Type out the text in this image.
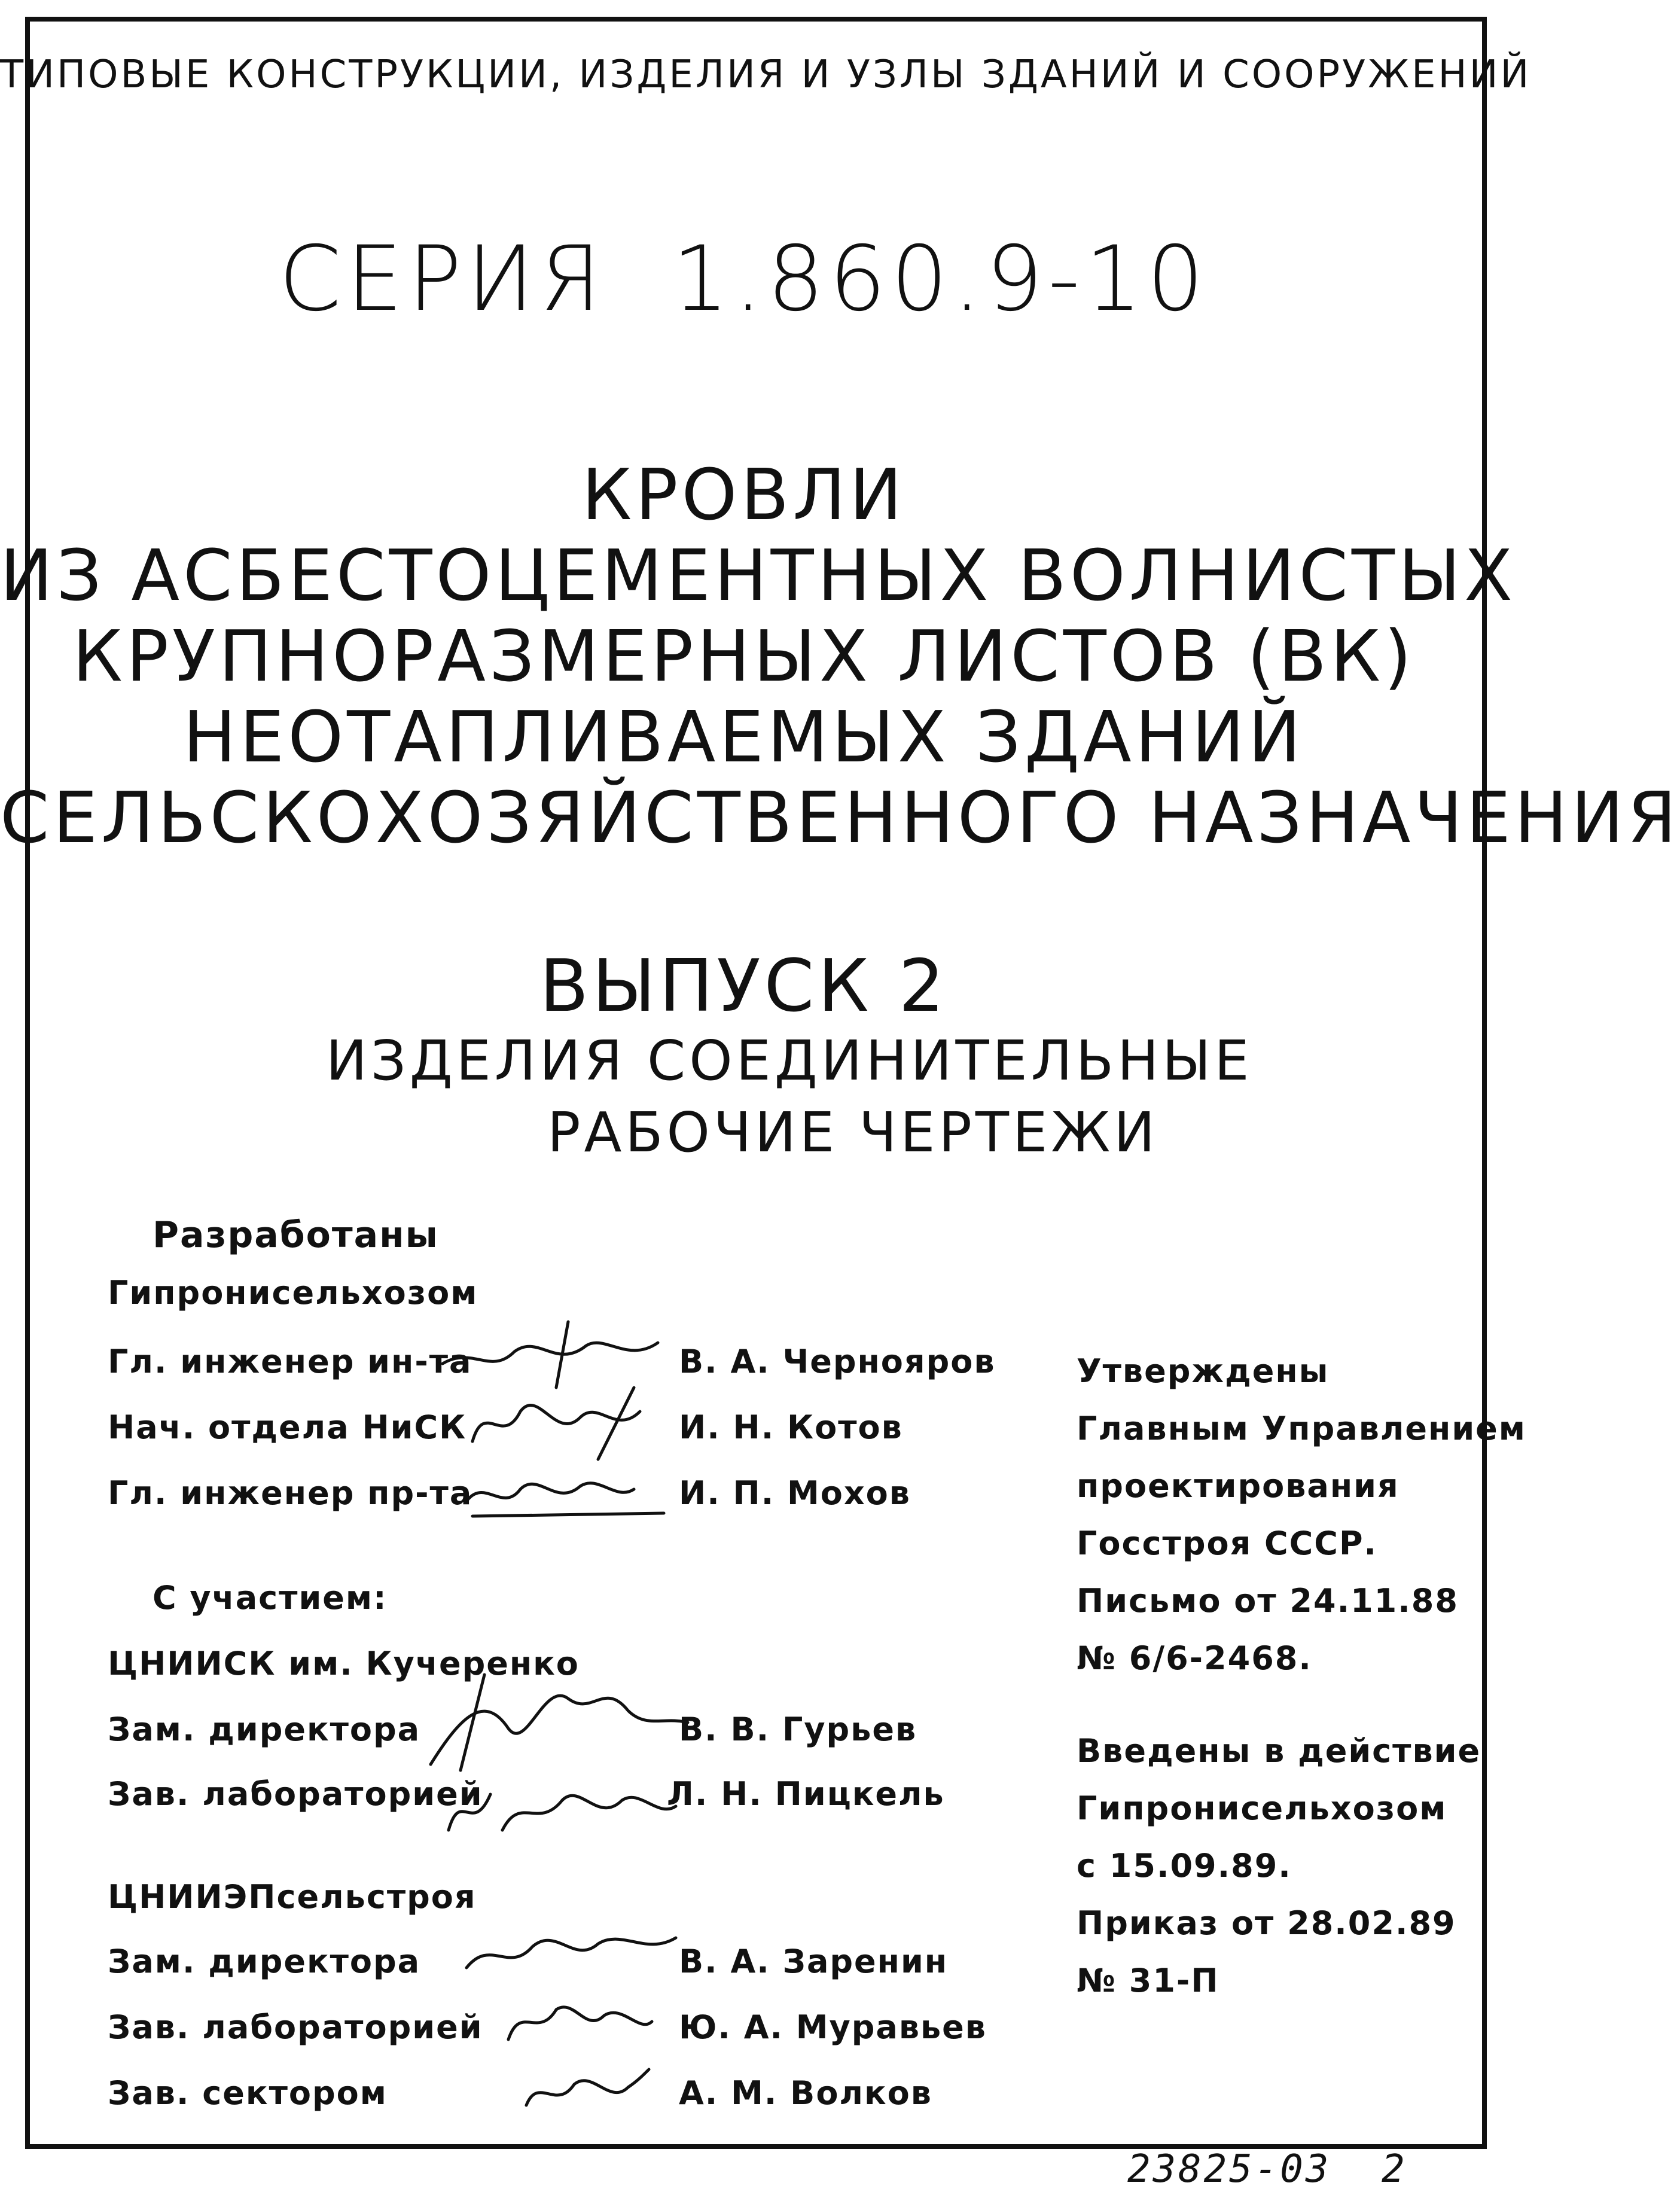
ТИПОВЫЕ КОНСТРУКЦИИ, ИЗДЕЛИЯ И УЗЛЫ ЗДАНИЙ И СООРУЖЕНИЙ
СЕРИЯ 1.860.9-10
КРОВЛИ
ИЗ АСБЕСТОЦЕМЕНТНЫХ ВОЛНИСТЫХ
КРУПНОРАЗМЕРНЫХ ЛИСТОВ (ВК)
НЕОТАПЛИВАЕМЫХ ЗДАНИЙ
СЕЛЬСКОХОЗЯЙСТВЕННОГО НАЗНАЧЕНИЯ
ВЫПУСК 2
ИЗДЕЛИЯ СОЕДИНИТЕЛЬНЫЕ
РАБОЧИЕ ЧЕРТЕЖИ
Разработаны
Гипронисельхозом
Гл. инженер ин-та	В. А. Черноярoв
Нач. отдела НиСК	И. Н. Котов
Гл. инженер пр-та	И. П. Мохов
С участием:
ЦНИИСК им. Кучеренко
Зам. директора	В. В. Гурьев
Зав. лабораторией	Л. Н. Пицкель
ЦНИИЭПсельстроя
Зам. директора	В. А. Заренин
Зав. лабораторией	Ю. А. Муравьев
Зав. сектором	А. М. Волков
Утверждены
Главным Управлением
проектирования
Госстроя СССР.
Письмо от 24.11.88
№ 6/6-2468.
Введены в действие
Гипронисельхозом
с 15.09.89.
Приказ от 28.02.89
№ 31-П
23825-03 2
